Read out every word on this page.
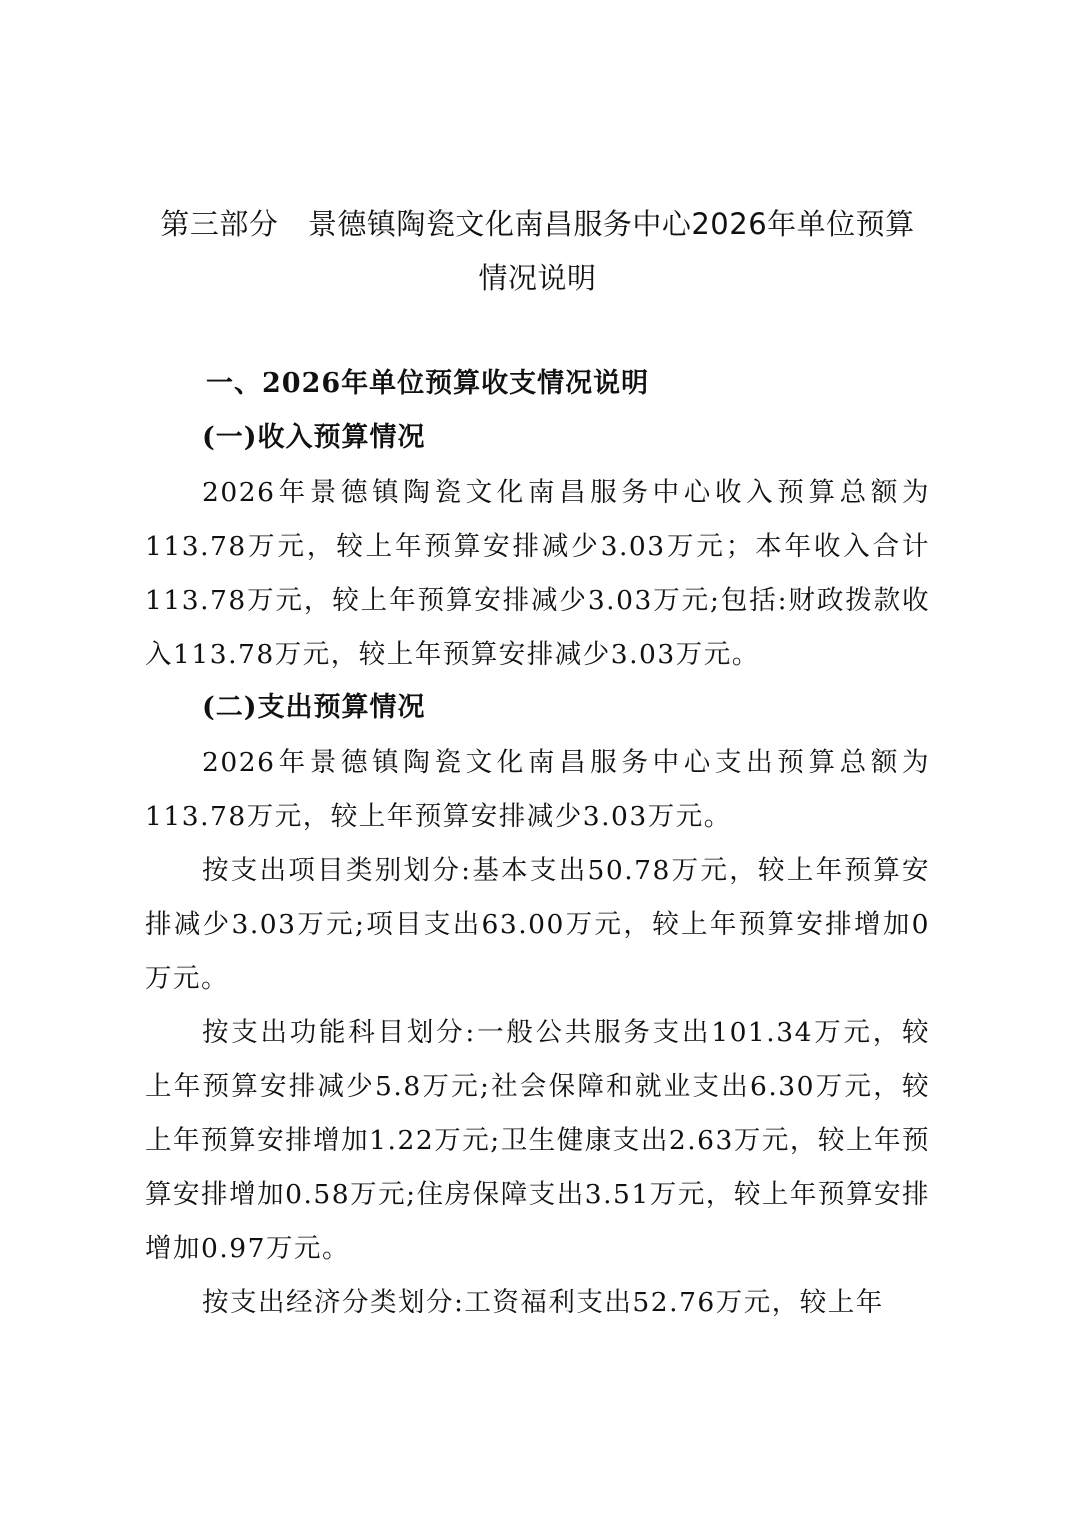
第三部分　景德镇陶瓷文化南昌服务中心2026年单位预算
情况说明
一、2026年单位预算收支情况说明
(一)收入预算情况

2026年景德镇陶瓷文化南昌服务中心收入预算总额为113.78万元，较上年预算安排减少3.03万元；本年收入合计113.78万元，较上年预算安排减少3.03万元;包括:财政拨款收入113.78万元，较上年预算安排减少3.03万元。

(二)支出预算情况

2026年景德镇陶瓷文化南昌服务中心支出预算总额为113.78万元，较上年预算安排减少3.03万元。

按支出项目类别划分:基本支出50.78万元，较上年预算安排减少3.03万元;项目支出63.00万元，较上年预算安排增加0万元。

按支出功能科目划分:一般公共服务支出101.34万元，较上年预算安排减少5.8万元;社会保障和就业支出6.30万元，较上年预算安排增加1.22万元;卫生健康支出2.63万元，较上年预算安排增加0.58万元;住房保障支出3.51万元，较上年预算安排增加0.97万元。

按支出经济分类划分:工资福利支出52.76万元，较上年
